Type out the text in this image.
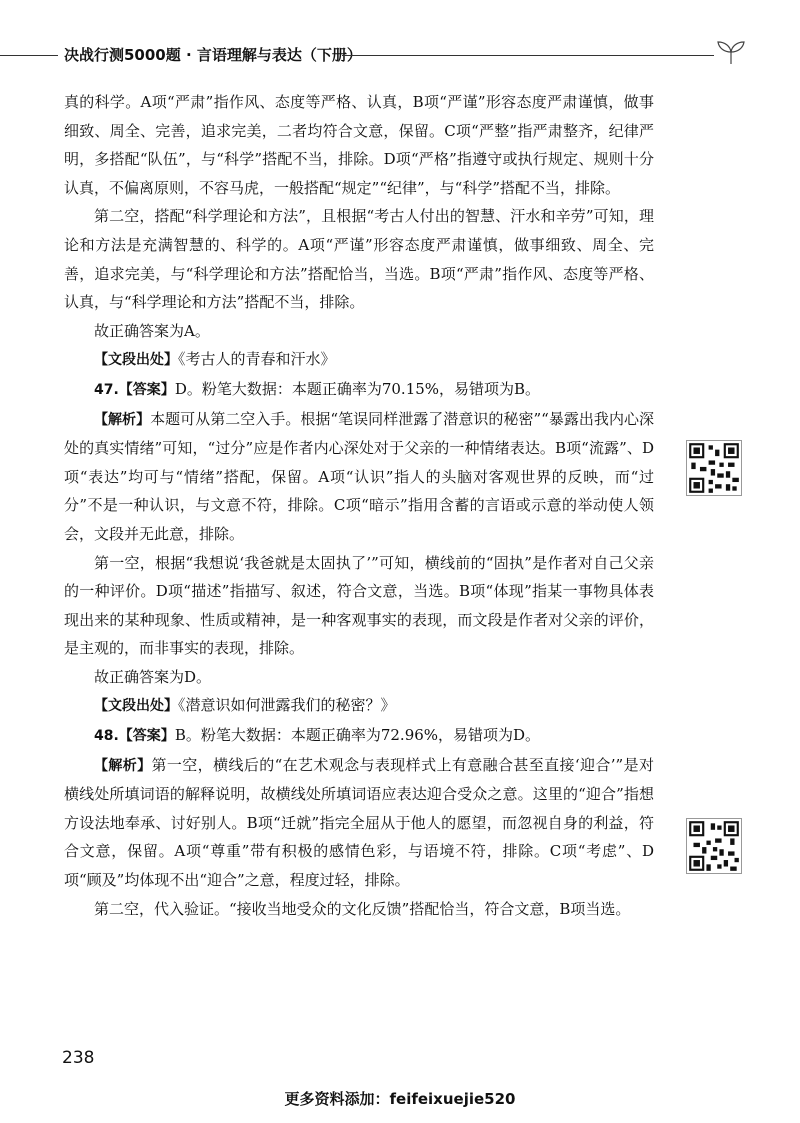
决战行测5000题 · 言语理解与表达（下册）

真的科学。A项“严肃”指作风、态度等严格、认真，B项“严谨”形容态度严肃谨慎，做事细致、周全、完善，追求完美，二者均符合文意，保留。C项“严整”指严肃整齐，纪律严明，多搭配“队伍”，与“科学”搭配不当，排除。D项“严格”指遵守或执行规定、规则十分认真，不偏离原则，不容马虎，一般搭配“规定”“纪律”，与“科学”搭配不当，排除。

第二空，搭配“科学理论和方法”，且根据“考古人付出的智慧、汗水和辛劳”可知，理论和方法是充满智慧的、科学的。A项“严谨”形容态度严肃谨慎，做事细致、周全、完善，追求完美，与“科学理论和方法”搭配恰当，当选。B项“严肃”指作风、态度等严格、认真，与“科学理论和方法”搭配不当，排除。

故正确答案为A。

【文段出处】《考古人的青春和汗水》

47.【答案】D。粉笔大数据：本题正确率为70.15%，易错项为B。

【解析】本题可从第二空入手。根据“笔误同样泄露了潜意识的秘密”“暴露出我内心深处的真实情绪”可知，“过分”应是作者内心深处对于父亲的一种情绪表达。B项“流露”、D项“表达”均可与“情绪”搭配，保留。A项“认识”指人的头脑对客观世界的反映，而“过分”不是一种认识，与文意不符，排除。C项“暗示”指用含蓄的言语或示意的举动使人领会，文段并无此意，排除。

第一空，根据“我想说‘我爸就是太固执了’”可知，横线前的“固执”是作者对自己父亲的一种评价。D项“描述”指描写、叙述，符合文意，当选。B项“体现”指某一事物具体表现出来的某种现象、性质或精神，是一种客观事实的表现，而文段是作者对父亲的评价，是主观的，而非事实的表现，排除。

故正确答案为D。

【文段出处】《潜意识如何泄露我们的秘密？》

48.【答案】B。粉笔大数据：本题正确率为72.96%，易错项为D。

【解析】第一空，横线后的“在艺术观念与表现样式上有意融合甚至直接‘迎合’”是对横线处所填词语的解释说明，故横线处所填词语应表达迎合受众之意。这里的“迎合”指想方设法地奉承、讨好别人。B项“迁就”指完全屈从于他人的愿望，而忽视自身的利益，符合文意，保留。A项“尊重”带有积极的感情色彩，与语境不符，排除。C项“考虑”、D项“顾及”均体现不出“迎合”之意，程度过轻，排除。

第二空，代入验证。“接收当地受众的文化反馈”搭配恰当，符合文意，B项当选。

238
更多资料添加：feifeixuejie520
